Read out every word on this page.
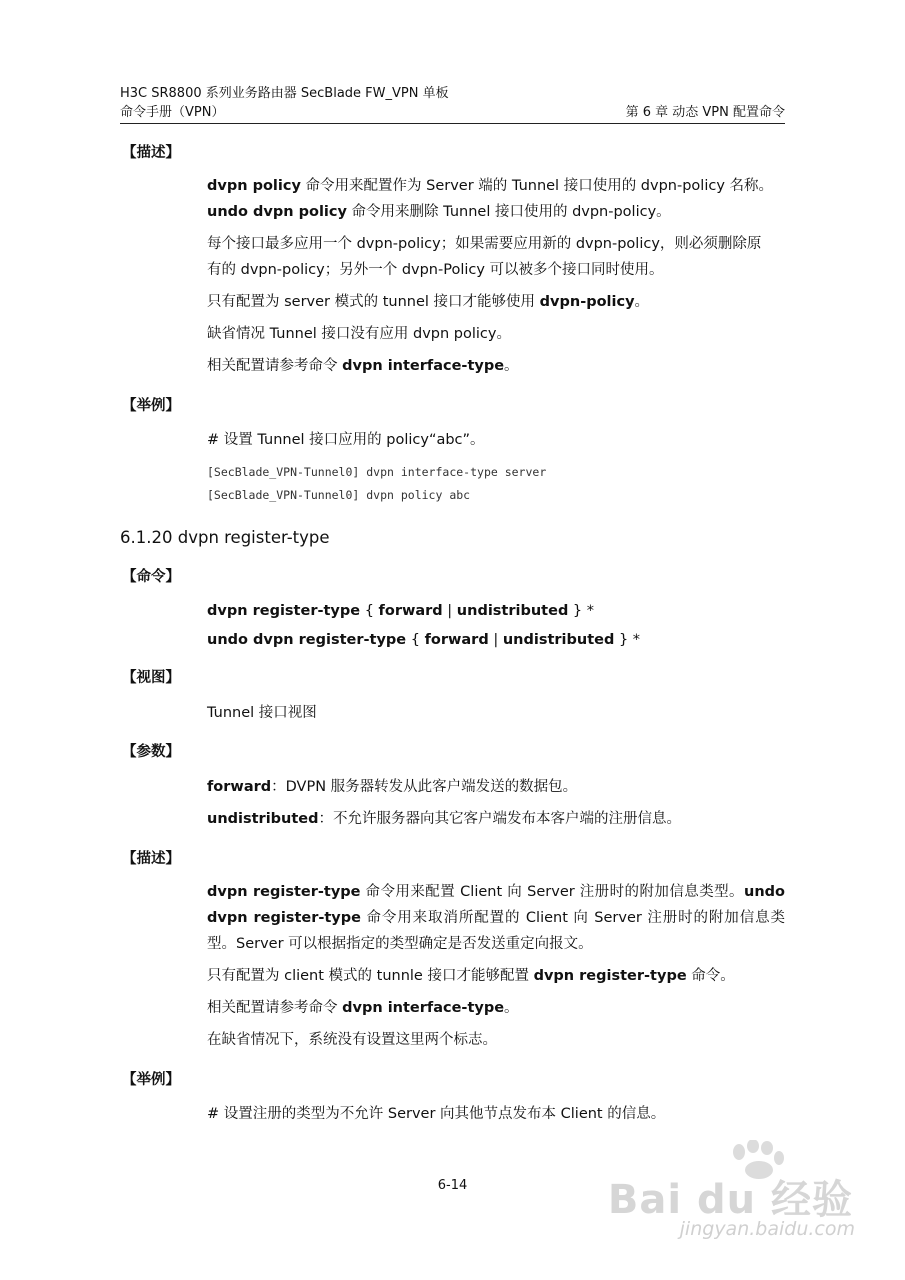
H3C SR8800 系列业务路由器 SecBlade FW_VPN 单板
命令手册（VPN）	第 6 章 动态 VPN 配置命令
【描述】
dvpn policy 命令用来配置作为 Server 端的 Tunnel 接口使用的 dvpn-policy 名称。
undo dvpn policy 命令用来删除 Tunnel 接口使用的 dvpn-policy。
每个接口最多应用一个 dvpn-policy；如果需要应用新的 dvpn-policy，则必须删除原
有的 dvpn-policy；另外一个 dvpn-Policy 可以被多个接口同时使用。
只有配置为 server 模式的 tunnel 接口才能够使用 dvpn-policy。
缺省情况 Tunnel 接口没有应用 dvpn policy。
相关配置请参考命令 dvpn interface-type。
【举例】
# 设置 Tunnel 接口应用的 policy“abc”。
[SecBlade_VPN-Tunnel0] dvpn interface-type server
[SecBlade_VPN-Tunnel0] dvpn policy abc
6.1.20 dvpn register-type
【命令】
dvpn register-type { forward | undistributed } *
undo dvpn register-type { forward | undistributed } *
【视图】
Tunnel 接口视图
【参数】
forward：DVPN 服务器转发从此客户端发送的数据包。
undistributed：不允许服务器向其它客户端发布本客户端的注册信息。
【描述】
dvpn register-type 命令用来配置 Client 向 Server 注册时的附加信息类型。undo
dvpn register-type 命令用来取消所配置的 Client 向 Server 注册时的附加信息类
型。Server 可以根据指定的类型确定是否发送重定向报文。
只有配置为 client 模式的 tunnle 接口才能够配置 dvpn register-type 命令。
相关配置请参考命令 dvpn interface-type。
在缺省情况下，系统没有设置这里两个标志。
【举例】
# 设置注册的类型为不允许 Server 向其他节点发布本 Client 的信息。
6-14	Bai du 经验
jingyan.baidu.com
